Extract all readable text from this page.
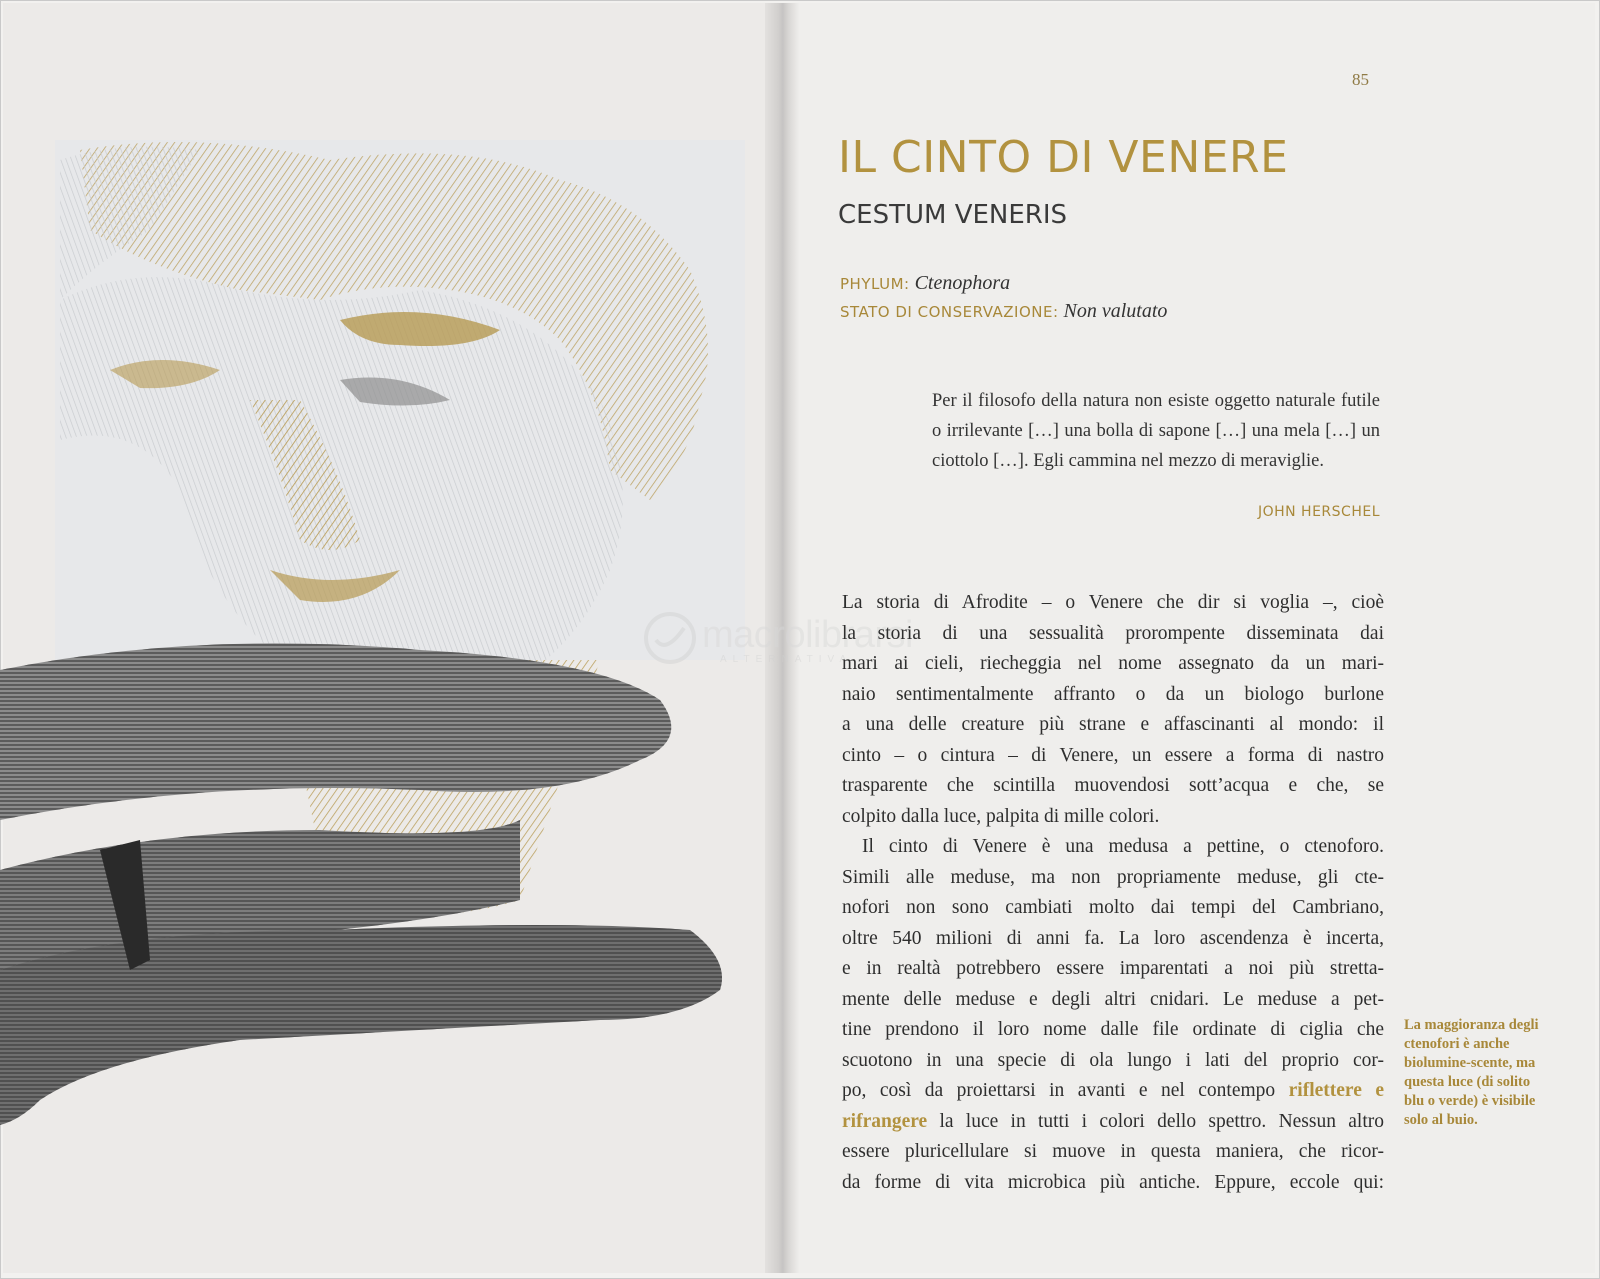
macrolibrarsi
ALTERNATIVA
85
IL CINTO DI VENERE
CESTUM VENERIS
PHYLUM: Ctenophora
STATO DI CONSERVAZIONE: Non valutato
Per il filosofo della natura non esiste oggetto naturale futile o irrilevante […] una bolla di sapone […] una mela […] un ciottolo […]. Egli cammina nel mezzo di meraviglie.
JOHN HERSCHEL
La storia di Afrodite – o Venere che dir si voglia –, cioè
la storia di una sessualità prorompente disseminata dai
mari ai cieli, riecheggia nel nome assegnato da un mari-
naio sentimentalmente affranto o da un biologo burlone
a una delle creature più strane e affascinanti al mondo: il
cinto – o cintura – di Venere, un essere a forma di nastro
trasparente che scintilla muovendosi sott’acqua e che, se
colpito dalla luce, palpita di mille colori.
Il cinto di Venere è una medusa a pettine, o ctenoforo.
Simili alle meduse, ma non propriamente meduse, gli cte-
nofori non sono cambiati molto dai tempi del Cambriano,
oltre 540 milioni di anni fa. La loro ascendenza è incerta,
e in realtà potrebbero essere imparentati a noi più stretta-
mente delle meduse e degli altri cnidari. Le meduse a pet-
tine prendono il loro nome dalle file ordinate di ciglia che
scuotono in una specie di ola lungo i lati del proprio cor-
po, così da proiettarsi in avanti e nel contempo riflettere e
rifrangere la luce in tutti i colori dello spettro. Nessun altro
essere pluricellulare si muove in questa maniera, che ricor-
da forme di vita microbica più antiche. Eppure, eccole qui:
La maggioranza degli ctenofori è anche biolumine-scente, ma questa luce (di solito blu o verde) è visibile solo al buio.
